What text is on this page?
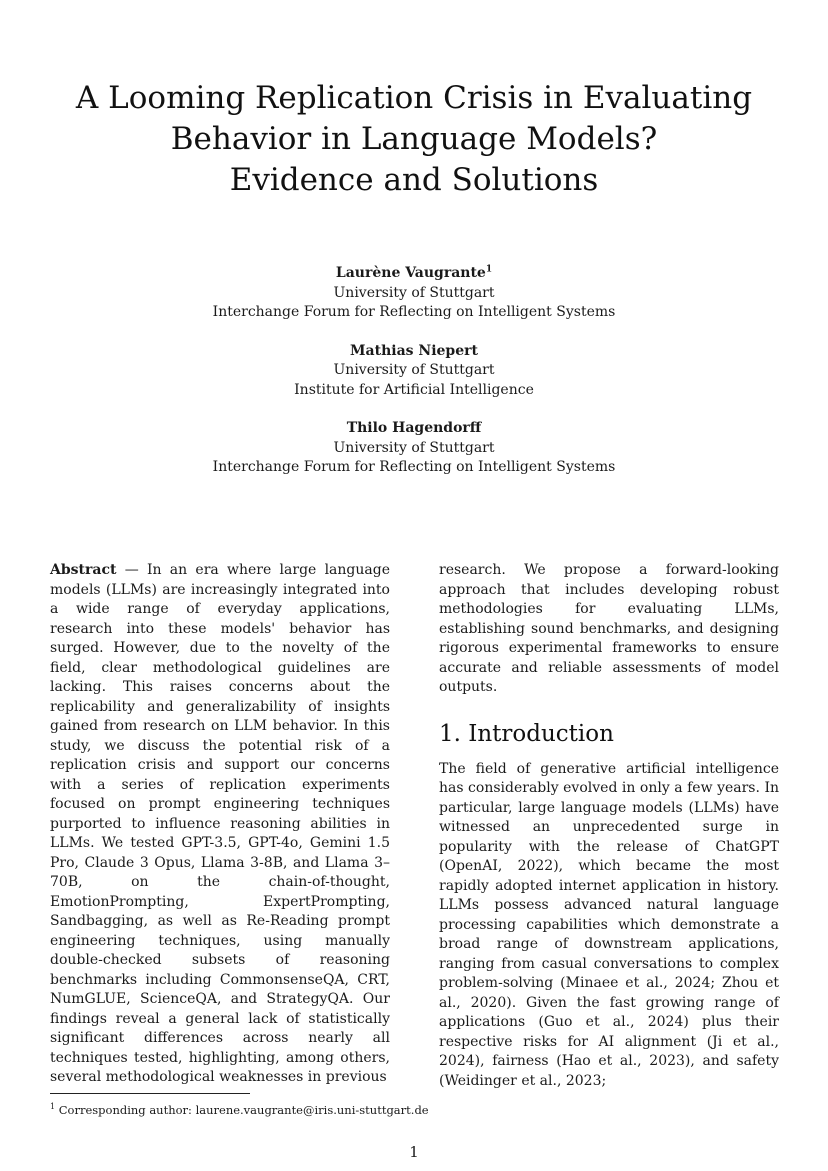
A Looming Replication Crisis in Evaluating
Behavior in Language Models?
Evidence and Solutions
Laurène Vaugrante$^1$
University of Stuttgart
Interchange Forum for Reflecting on Intelligent Systems
Mathias Niepert
University of Stuttgart
Institute for Artificial Intelligence
Thilo Hagendorff
University of Stuttgart
Interchange Forum for Reflecting on Intelligent Systems

Abstract — In an era where large language models (LLMs) are increasingly integrated into a wide range of everyday applications, research into these models' behavior has surged. However, due to the novelty of the field, clear methodological guidelines are lacking. This raises concerns about the replicability and generalizability of insights gained from research on LLM behavior. In this study, we discuss the potential risk of a replication crisis and support our concerns with a series of replication experiments focused on prompt engineering techniques purported to influence reasoning abilities in LLMs. We tested GPT-3.5, GPT-4o, Gemini 1.5 Pro, Claude 3 Opus, Llama 3-8B, and Llama 3–70B, on the chain-of-thought, EmotionPrompting, ExpertPrompting, Sandbagging, as well as Re-Reading prompt engineering techniques, using manually double-checked subsets of reasoning benchmarks including CommonsenseQA, CRT, NumGLUE, ScienceQA, and StrategyQA. Our findings reveal a general lack of statistically significant differences across nearly all techniques tested, highlighting, among others, several methodological weaknesses in previous

research. We propose a forward-looking approach that includes developing robust methodologies for evaluating LLMs, establishing sound benchmarks, and designing rigorous experimental frameworks to ensure accurate and reliable assessments of model outputs.

1. Introduction

The field of generative artificial intelligence has considerably evolved in only a few years. In particular, large language models (LLMs) have witnessed an unprecedented surge in popularity with the release of ChatGPT (OpenAI, 2022), which became the most rapidly adopted internet application in history. LLMs possess advanced natural language processing capabilities which demonstrate a broad range of downstream applications, ranging from casual conversations to complex problem-solving (Minaee et al., 2024; Zhou et al., 2020). Given the fast growing range of applications (Guo et al., 2024) plus their respective risks for AI alignment (Ji et al., 2024), fairness (Hao et al., 2023), and safety (Weidinger et al., 2023;

$^1$ Corresponding author: laurene.vaugrante@iris.uni-stuttgart.de
1
